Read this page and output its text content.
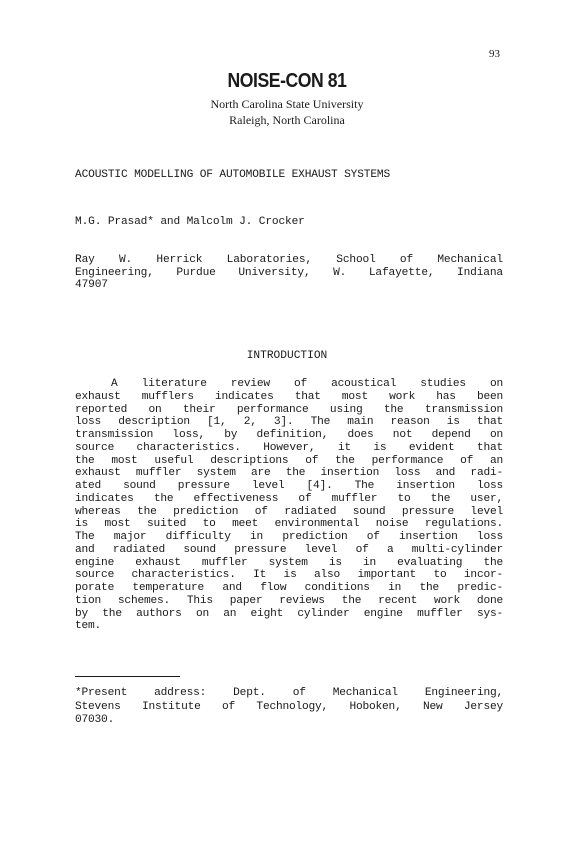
93
NOISE-CON 81
North Carolina State University
Raleigh, North Carolina
ACOUSTIC MODELLING OF AUTOMOBILE EXHAUST SYSTEMS
M.G. Prasad* and Malcolm J. Crocker
Ray W. Herrick Laboratories, School of Mechanical
Engineering, Purdue University, W. Lafayette, Indiana
47907
INTRODUCTION
A literature review of acoustical studies on
exhaust mufflers indicates that most work has been
reported on their performance using the transmission
loss description [1, 2, 3]. The main reason is that
transmission loss, by definition, does not depend on
source characteristics. However, it is evident that
the most useful descriptions of the performance of an
exhaust muffler system are the insertion loss and radi-
ated sound pressure level [4]. The insertion loss
indicates the effectiveness of muffler to the user,
whereas the prediction of radiated sound pressure level
is most suited to meet environmental noise regulations.
The major difficulty in prediction of insertion loss
and radiated sound pressure level of a multi-cylinder
engine exhaust muffler system is in evaluating the
source characteristics. It is also important to incor-
porate temperature and flow conditions in the predic-
tion schemes. This paper reviews the recent work done
by the authors on an eight cylinder engine muffler sys-
tem.
*Present address: Dept. of Mechanical Engineering,
Stevens Institute of Technology, Hoboken, New Jersey
07030.
